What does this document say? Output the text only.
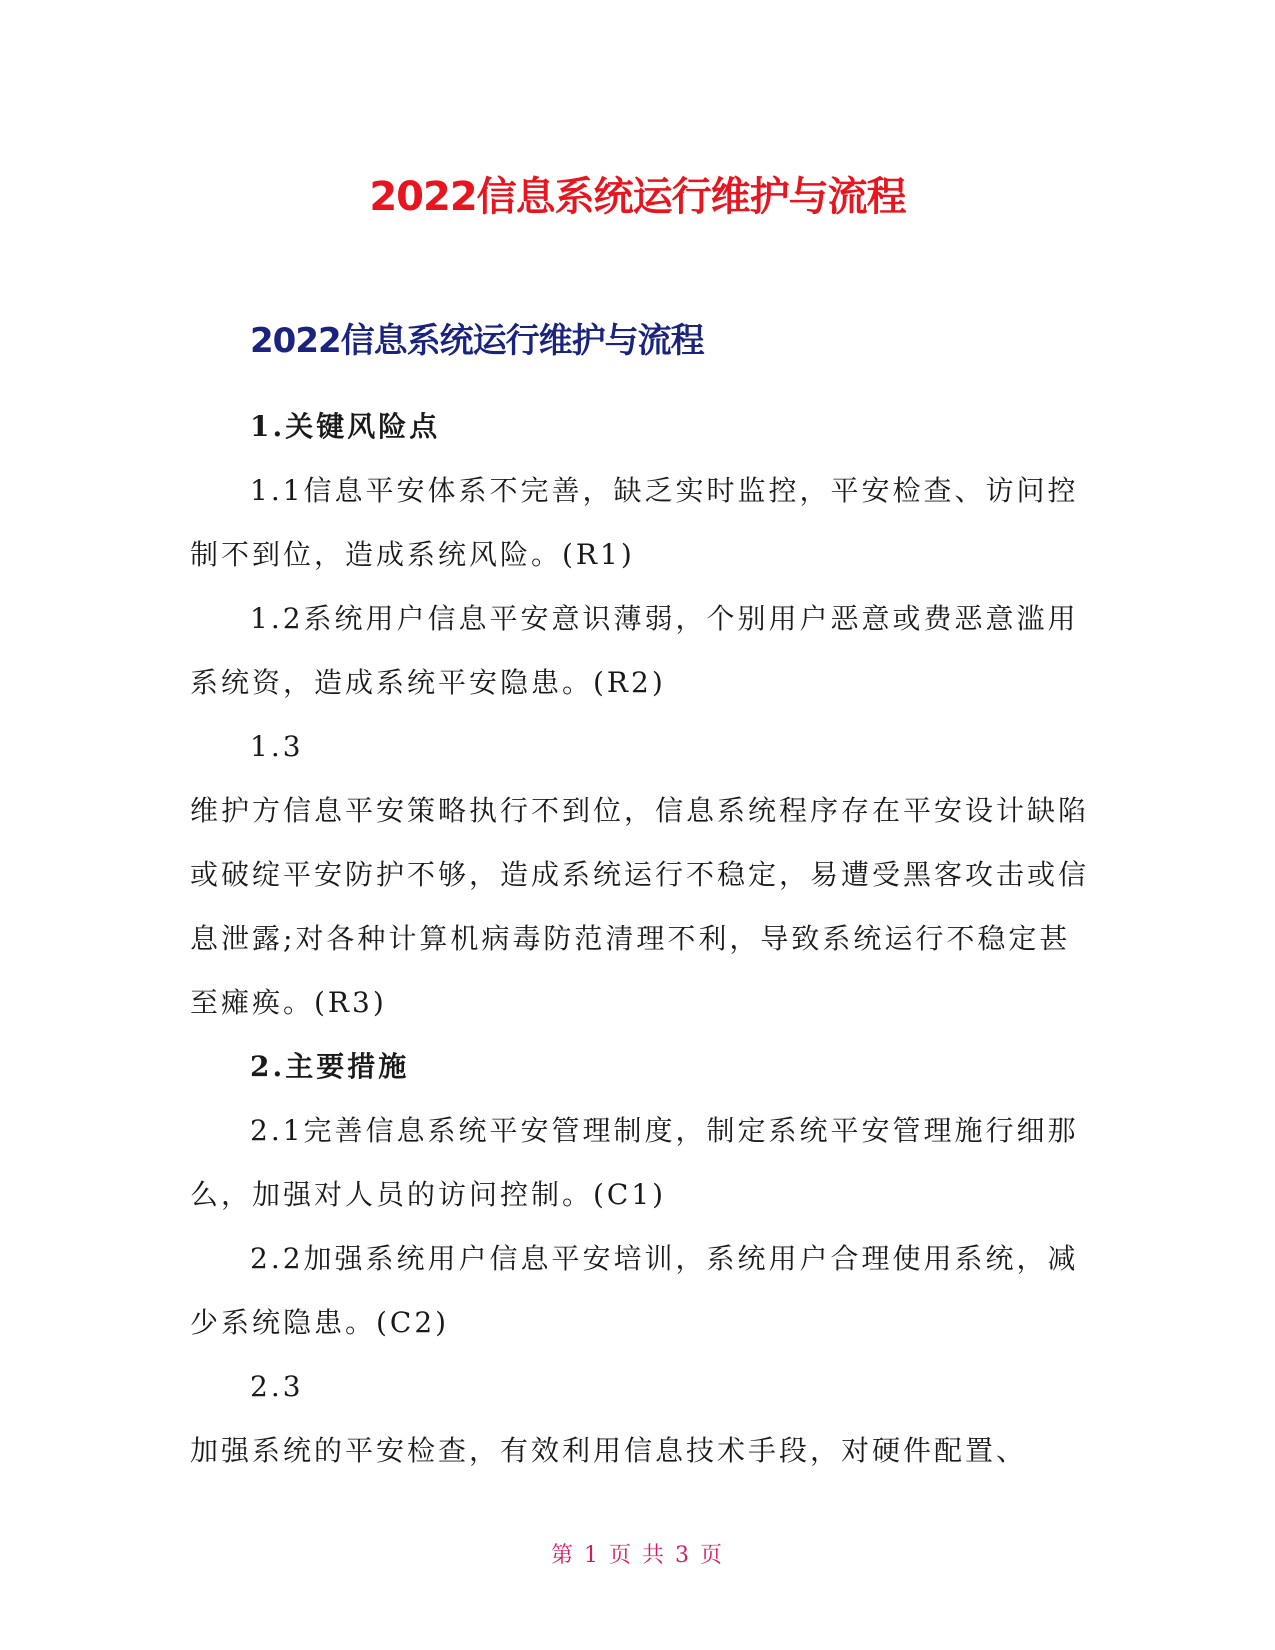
2022信息系统运行维护与流程
2022信息系统运行维护与流程

1.关键风险点

1.1信息平安体系不完善，缺乏实时监控，平安检查、访问控制不到位，造成系统风险。(R1)

1.2系统用户信息平安意识薄弱，个别用户恶意或费恶意滥用系统资，造成系统平安隐患。(R2)

1.3

维护方信息平安策略执行不到位，信息系统程序存在平安设计缺陷或破绽平安防护不够，造成系统运行不稳定，易遭受黑客攻击或信息泄露;对各种计算机病毒防范清理不利，导致系统运行不稳定甚至瘫痪。(R3)

2.主要措施

2.1完善信息系统平安管理制度，制定系统平安管理施行细那么，加强对人员的访问控制。(C1)

2.2加强系统用户信息平安培训，系统用户合理使用系统，减少系统隐患。(C2)

2.3

加强系统的平安检查，有效利用信息技术手段，对硬件配置、

第 1 页 共 3 页
